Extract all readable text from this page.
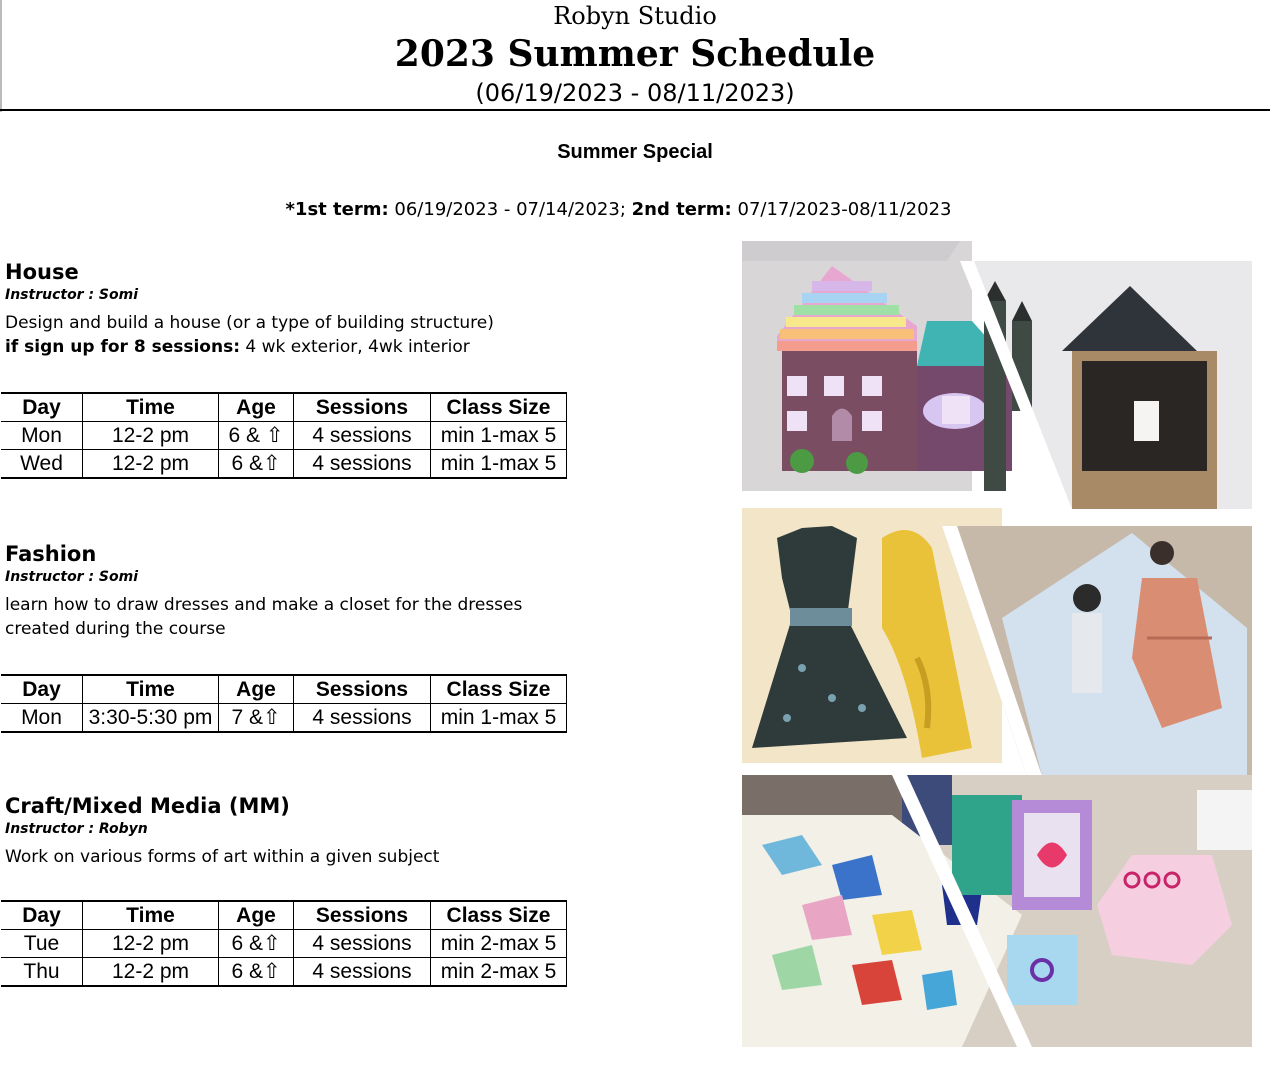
Robyn Studio
2023 Summer Schedule
(06/19/2023 - 08/11/2023)
Summer Special
*1st term: 06/19/2023 - 07/14/2023; 2nd term: 07/17/2023-08/11/2023
House
Instructor : Somi
Design and build a house (or a type of building structure)
if sign up for 8 sessions: 4 wk exterior, 4wk interior
Day	Time	Age	Sessions	Class Size
Mon	12-2 pm	6 & ⇧	4 sessions	min 1-max 5
Wed	12-2 pm	6 &⇧	4 sessions	min 1-max 5
Fashion
Instructor : Somi
learn how to draw dresses and make a closet for the dresses created during the course
Day	Time	Age	Sessions	Class Size
Mon	3:30-5:30 pm	7 &⇧	4 sessions	min 1-max 5
Craft/Mixed Media (MM)
Instructor : Robyn
Work on various forms of art within a given subject
Day	Time	Age	Sessions	Class Size
Tue	12-2 pm	6 &⇧	4 sessions	min 2-max 5
Thu	12-2 pm	6 &⇧	4 sessions	min 2-max 5
